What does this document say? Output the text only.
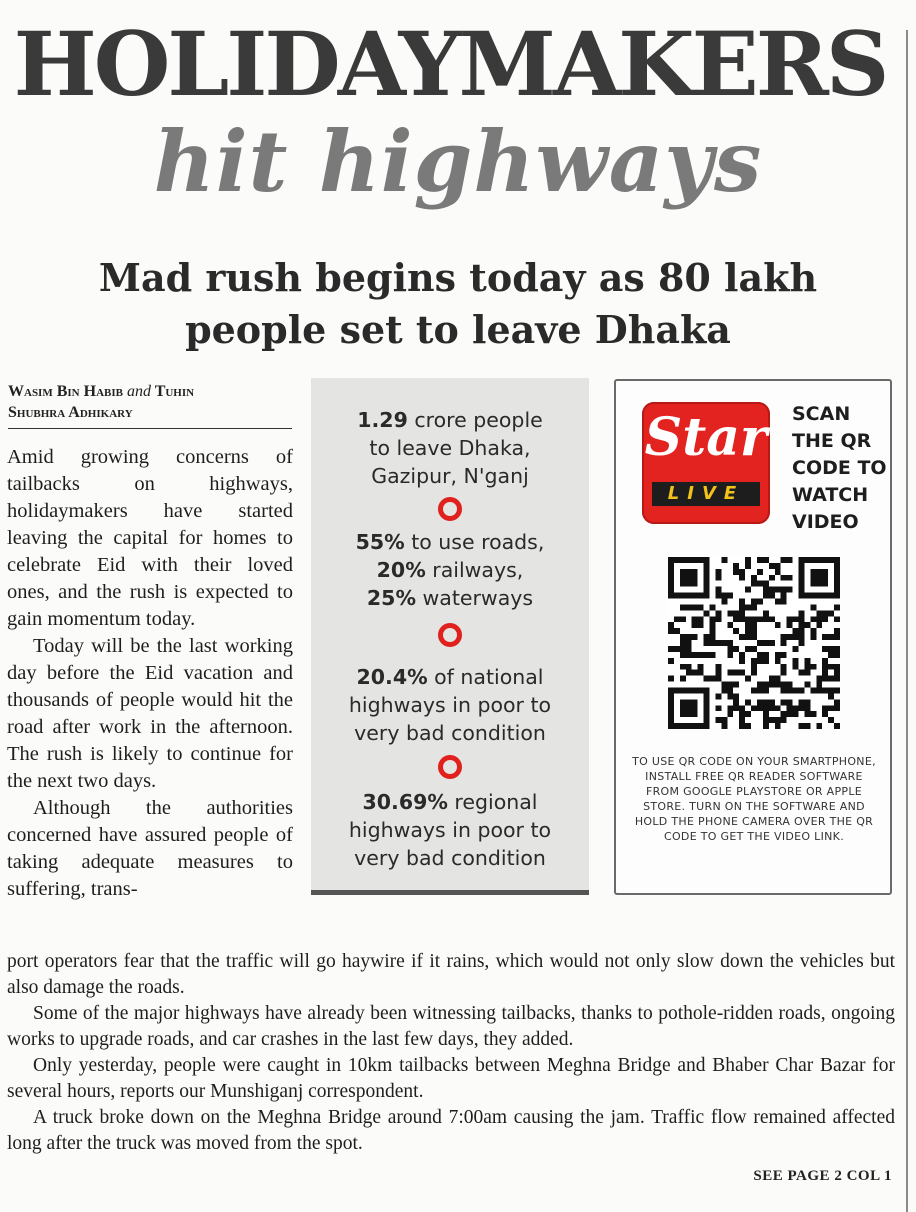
HOLIDAYMAKERS
hit highways
Mad rush begins today as 80 lakh
people set to leave Dhaka
Wasim Bin Habib and Tuhin
Shubhra Adhikary

Amid growing concerns of tailbacks on highways, holidaymakers have started leaving the capital for homes to celebrate Eid with their loved ones, and the rush is expected to gain momentum today.

Today will be the last working day before the Eid vacation and thousands of people would hit the road after work in the afternoon. The rush is likely to continue for the next two days.

Although the authorities concerned have assured people of taking adequate measures to suffering, trans-

1.29 crore people
to leave Dhaka,
Gazipur, N'ganj
55% to use roads,
20% railways,
25% waterways
20.4% of national
highways in poor to
very bad condition
30.69% regional
highways in poor to
very bad condition
Star
LIVE
SCAN
THE QR
CODE TO
WATCH
VIDEO
TO USE QR CODE ON YOUR SMARTPHONE, INSTALL FREE QR READER SOFTWARE FROM GOOGLE PLAYSTORE OR APPLE STORE. TURN ON THE SOFTWARE AND HOLD THE PHONE CAMERA OVER THE QR CODE TO GET THE VIDEO LINK.

port operators fear that the traffic will go haywire if it rains, which would not only slow down the vehicles but also damage the roads.

Some of the major highways have already been witnessing tailbacks, thanks to pothole-ridden roads, ongoing works to upgrade roads, and car crashes in the last few days, they added.

Only yesterday, people were caught in 10km tailbacks between Meghna Bridge and Bhaber Char Bazar for several hours, reports our Munshiganj correspondent.

A truck broke down on the Meghna Bridge around 7:00am causing the jam. Traffic flow remained affected long after the truck was moved from the spot.

SEE PAGE 2 COL 1
